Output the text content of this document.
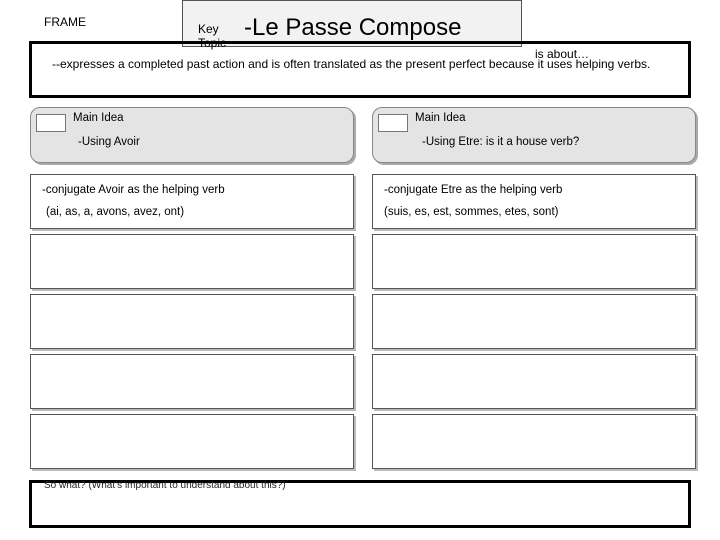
FRAME	Key
Topic
-Le Passe Compose
is about…
--expresses a completed past action and is often translated as the present perfect because it uses helping verbs.
Main Idea
-Using Avoir
Main Idea
-Using Etre: is it a house verb?
-conjugate Avoir as the helping verb
(ai, as, a, avons, avez, ont)
-conjugate Etre as the helping verb
(suis, es, est, sommes, etes, sont)
So what? (What’s important to understand about this?)
